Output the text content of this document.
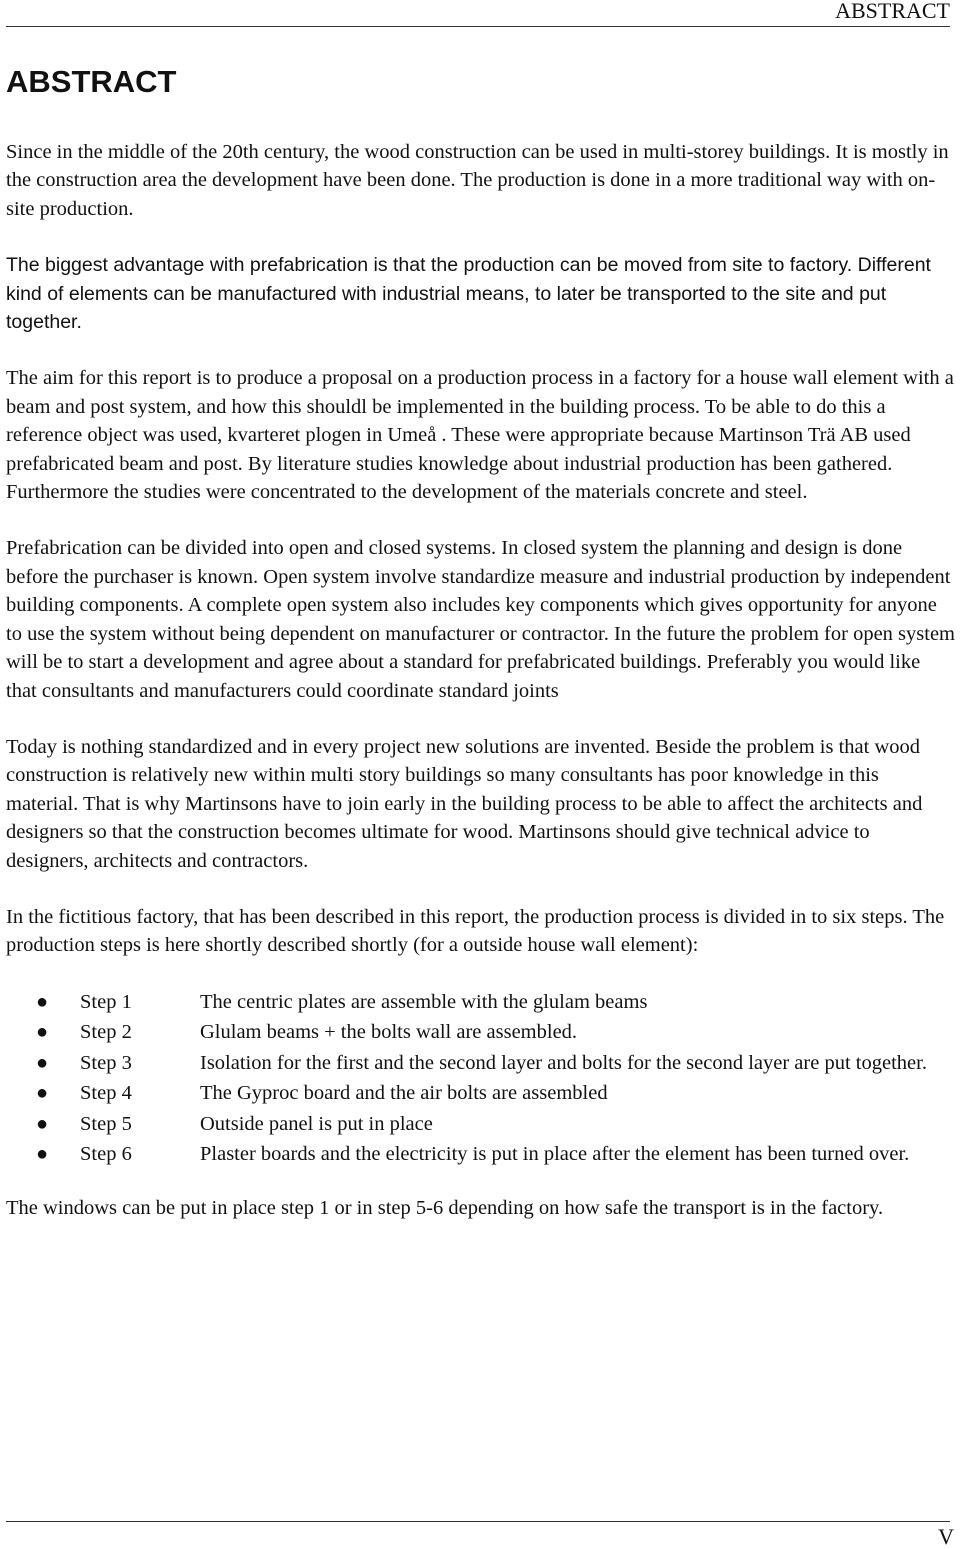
ABSTRACT
ABSTRACT

Since in the middle of the 20th century, the wood construction can be used in multi-storey buildings. It is mostly in the construction area the development have been done. The production is done in a more traditional way with on-site production.

The biggest advantage with prefabrication is that the production can be moved from site to factory. Different kind of elements can be manufactured with industrial means, to later be transported to the site and put together.

The aim for this report is to produce a proposal on a production process in a factory for a house wall element with a beam and post system, and how this shouldl be implemented in the building process. To be able to do this a reference object was used, kvarteret plogen in Umeå . These were appropriate because Martinson Trä AB used prefabricated beam and post. By literature studies knowledge about industrial production has been gathered. Furthermore the studies were concentrated to the development of the materials concrete and steel.

Prefabrication can be divided into open and closed systems. In closed system the planning and design is done before the purchaser is known. Open system involve standardize measure and industrial production by independent building components. A complete open system also includes key components which gives opportunity for anyone to use the system without being dependent on manufacturer or contractor. In the future the problem for open system will be to start a development and agree about a standard for prefabricated buildings. Preferably you would like that consultants and manufacturers could coordinate standard joints

Today is nothing standardized and in every project new solutions are invented. Beside the problem is that wood construction is relatively new within multi story buildings so many consultants has poor knowledge in this material. That is why Martinsons have to join early in the building process to be able to affect the architects and designers so that the construction becomes ultimate for wood. Martinsons should give technical advice to designers, architects and contractors.

In the fictitious factory, that has been described in this report, the production process is divided in to six steps. The production steps is here shortly described shortly (for a outside house wall element):

●	Step 1	The centric plates are assemble with the glulam beams
●	Step 2	Glulam beams + the bolts wall are assembled.
●	Step 3	Isolation for the first and the second layer and bolts for the second layer are put together.
●	Step 4	The Gyproc board and the air bolts are assembled
●	Step 5	Outside panel is put in place
●	Step 6	Plaster boards and the electricity is put in place after the element has been turned over.

The windows can be put in place step 1 or in step 5-6 depending on how safe the transport is in the factory.

V
